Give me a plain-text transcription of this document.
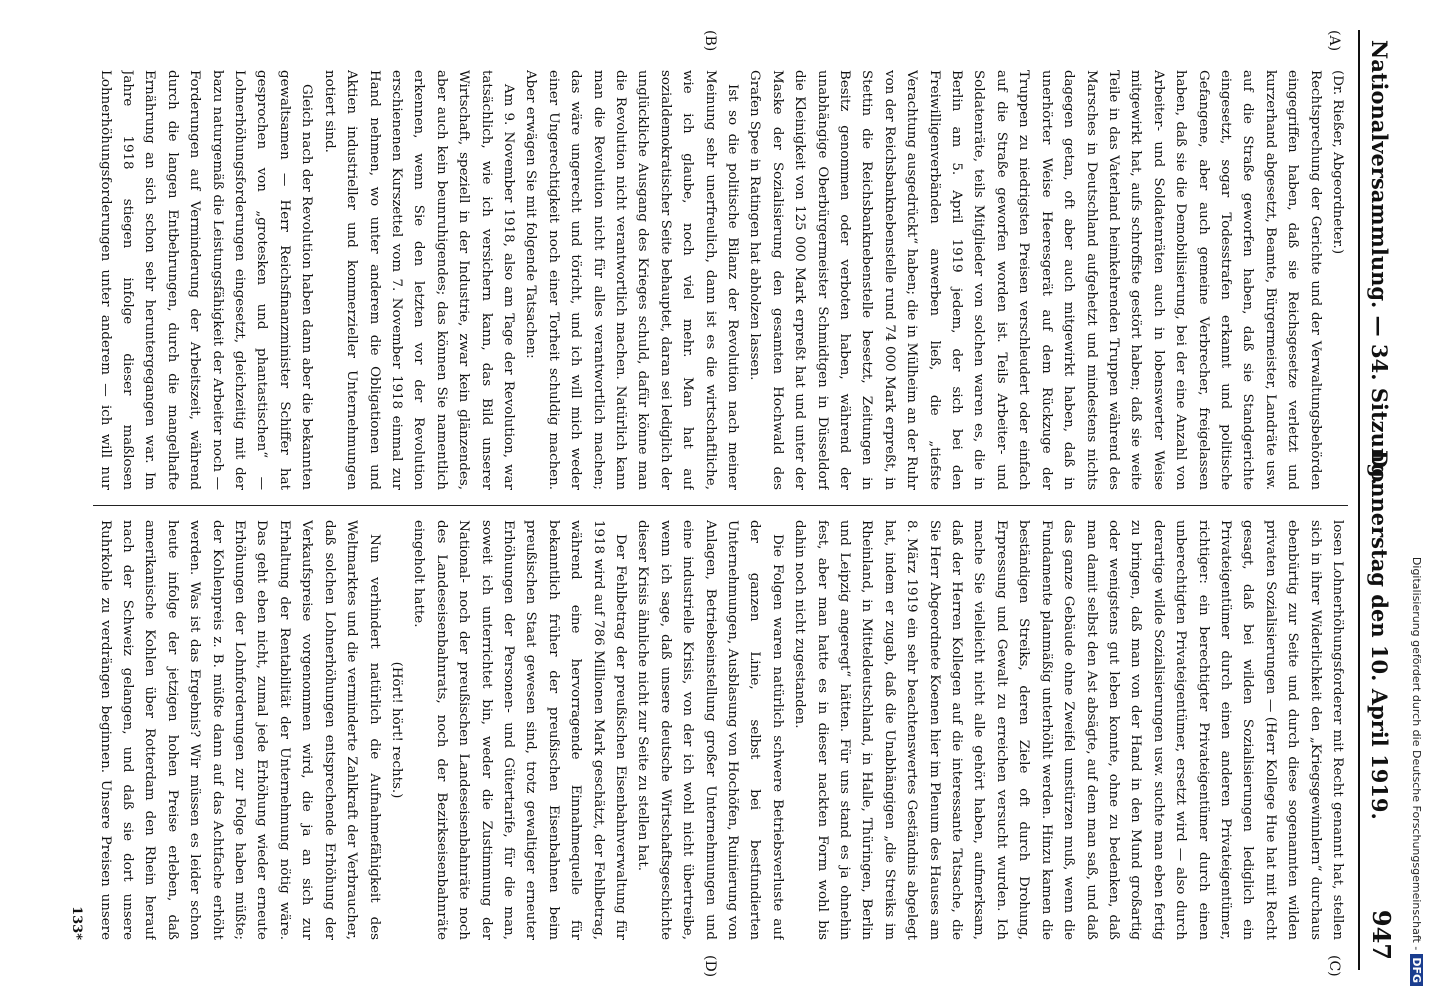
Nationalversammlung. — 34. Sitzung.
Donnerstag den 10. April 1919.
947
(A)
(B)
(C)
(D)

(Dr. Rießer, Abgeordneter.)

Rechtsprechung der Gerichte und der Verwaltungsbehörden eingegriffen haben, daß sie Reichsgesetze verletzt und kurzerhand abgesetzt, Beamte, Bürgermeister, Landräte usw. auf die Straße geworfen haben, daß sie Standgerichte eingesetzt, sogar Todesstrafen erkannt und politische Gefangene, aber auch gemeine Verbrecher, freigelassen haben, daß sie die Demobilisierung, bei der eine Anzahl von Arbeiter- und Soldatenräten auch in lobenswerter Weise mitgewirkt hat, aufs schroffste gestört haben; daß sie weite Teile in das Vaterland heimkehrenden Truppen während des Marsches in Deutschland aufgehetzt und mindestens nichts dagegen getan, oft aber auch mitgewirkt haben, daß in unerhörter Weise Heeresgerät auf dem Rückzuge der Truppen zu niedrigsten Preisen verschleudert oder einfach auf die Straße geworfen worden ist. Teils Arbeiter- und Soldatenräte, teils Mitglieder von solchen waren es, die in Berlin am 5. April 1919 jedem, der sich bei den Freiwilligenverbänden anwerben ließ, die „tiefste Verachtung ausgedrückt“ haben; die in Mülheim an der Ruhr von der Reichsbanknebenstelle rund 74 000 Mark erpreßt, in Stettin die Reichsbanknebenstelle besetzt, Zeitungen in Besitz genommen oder verboten haben, während der unabhängige Oberbürgermeister Schmidtgen in Düsseldorf die Kleinigkeit von 125 000 Mark erpreßt hat und unter der Maske der Sozialisierung den gesamten Hochwald des Grafen Spee in Ratingen hat abholzen lassen.

Ist so die politische Bilanz der Revolution nach meiner Meinung sehr unerfreulich, dann ist es die wirtschaftliche, wie ich glaube, noch viel mehr. Man hat auf sozialdemokratischer Seite behauptet, daran sei lediglich der unglückliche Ausgang des Krieges schuld, dafür könne man die Revolution nicht verantwortlich machen. Natürlich kann man die Revolution nicht für alles verantwortlich machen; das wäre ungerecht und töricht, und ich will mich weder einer Ungerechtigkeit noch einer Torheit schuldig machen. Aber erwägen Sie mit folgende Tatsachen:

Am 9. November 1918, also am Tage der Revolution, war tatsächlich, wie ich versichern kann, das Bild unserer Wirtschaft, speziell in der Industrie, zwar kein glänzendes, aber auch kein beunruhigendes; das können Sie namentlich erkennen, wenn Sie den letzten vor der Revolution erschienenen Kurszettel vom 7. November 1918 einmal zur Hand nehmen, wo unter anderem die Obligationen und Aktien industrieller und kommerzieller Unternehmungen notiert sind.

Gleich nach der Revolution haben dann aber die bekannten gewaltsamen — Herr Reichsfinanzminister Schiffer hat gesprochen von „grotesken und phantastischen“ — Lohnerhöhungsforderungen eingesetzt, gleichzeitig mit der bazu naturgemäß die Leistungsfähigkeit der Arbeiter noch — Forderungen auf Verminderung der Arbeitszeit, während durch die langen Entbehrungen, durch die mangelhafte Ernährung an sich schon sehr heruntergegangen war. Im Jahre 1918 stiegen infolge dieser maßlosen Lohnerhöhungsforderungen unter anderem — ich will nur

losen Lohnerhöhungsforderer mit Recht genannt hat, stellen sich in ihrer Widerlichkeit den „Kriegsgewinnlern“ durchaus ebenbürtig zur Seite und durch diese sogenannten wilden privaten Sozialisierungen — (Herr Kollege Hue hat mit Recht gesagt, daß bei wilden Sozialisierungen lediglich ein Privateigentümer durch einen anderen Privateigentümer, richtiger: ein berechtigter Privateigentümer durch einen unberechtigten Privateigentümer, ersetzt wird — also durch derartige wilde Sozialisierungen usw. suchte man eben fertig zu bringen, daß man von der Hand in den Mund großartig oder wenigstens gut leben konnte, ohne zu bedenken, daß man damit selbst den Ast absägte, auf dem man saß, und daß das ganze Gebäude ohne Zweifel umstürzen muß, wenn die Fundamente planmäßig unterhöhlt werden. Hinzu kamen die beständigen Streiks, deren Ziele oft durch Drohung, Erpressung und Gewalt zu erreichen versucht wurden. Ich mache Sie vielleicht nicht alle gehört haben, aufmerksam, daß der Herren Kollegen auf die interessante Tatsache, die Sie Herr Abgeordnete Koenen hier im Plenum des Hauses am 8. März 1919 ein sehr beachtenswertes Geständnis abgelegt hat, indem er zugab, daß die Unabhängigen „die Streiks im Rheinland, in Mitteldeutschland, in Halle, Thüringen, Berlin und Leipzig angeregt“ hätten. Für uns stand es ja ohnehin fest, aber man hatte es in dieser nackten Form wohl bis dahin noch nicht zugestanden.

Die Folgen waren natürlich schwere Betriebsverluste auf der ganzen Linie, selbst bei bestfundierten Unternehmungen, Ausblasung von Hochöfen, Ruinierung von Anlagen, Betriebseinstellung großer Unternehmungen und eine industrielle Krisis, von der ich wohl nicht übertreibe, wenn ich sage, daß unsere deutsche Wirtschaftsgeschichte dieser Krisis ähnliche nicht zur Seite zu stellen hat.

Der Fehlbetrag der preußischen Eisenbahnverwaltung für 1918 wird auf 786 Millionen Mark geschätzt, der Fehlbetrag, während eine hervorragende Einnahmequelle für bekanntlich früher der preußischen Eisenbahnen beim preußischen Staat gewesen sind, trotz gewaltiger erneuter Erhöhungen der Personen- und Gütertarife, für die man, soweit ich unterrichtet bin, weder die Zustimmung der National- noch der preußischen Landeseisenbahnräte noch des Landeseisenbahnrats, noch der Bezirkseisenbahnräte eingeholt hatte.

(Hört! hört! rechts.)

Nun verhindert natürlich die Aufnahmefähigkeit des Weltmarktes und die verminderte Zahlkraft der Verbraucher, daß solchen Lohnerhöhungen entsprechende Erhöhung der Verkaufspreise vorgenommen wird, die ja an sich zur Erhaltung der Rentabilität der Unternehmung nötig wäre. Das geht eben nicht, zumal jede Erhöhung wieder erneute Erhöhungen der Lohnforderungen zur Folge haben müßte; der Kohlenpreis z. B. müßte dann auf das Achtfache erhöht werden. Was ist das Ergebnis? Wir müssen es leider schon heute infolge der jetzigen hohen Preise erleben, daß amerikanische Kohlen über Rotterdam den Rhein herauf nach der Schweiz gelangen, und daß sie dort unsere Ruhrkohle zu verdrängen beginnen. Unsere Preisen unsere

133*	Digitalisierung gefördert durch die Deutsche Forschungsgemeinschaft -DFG
